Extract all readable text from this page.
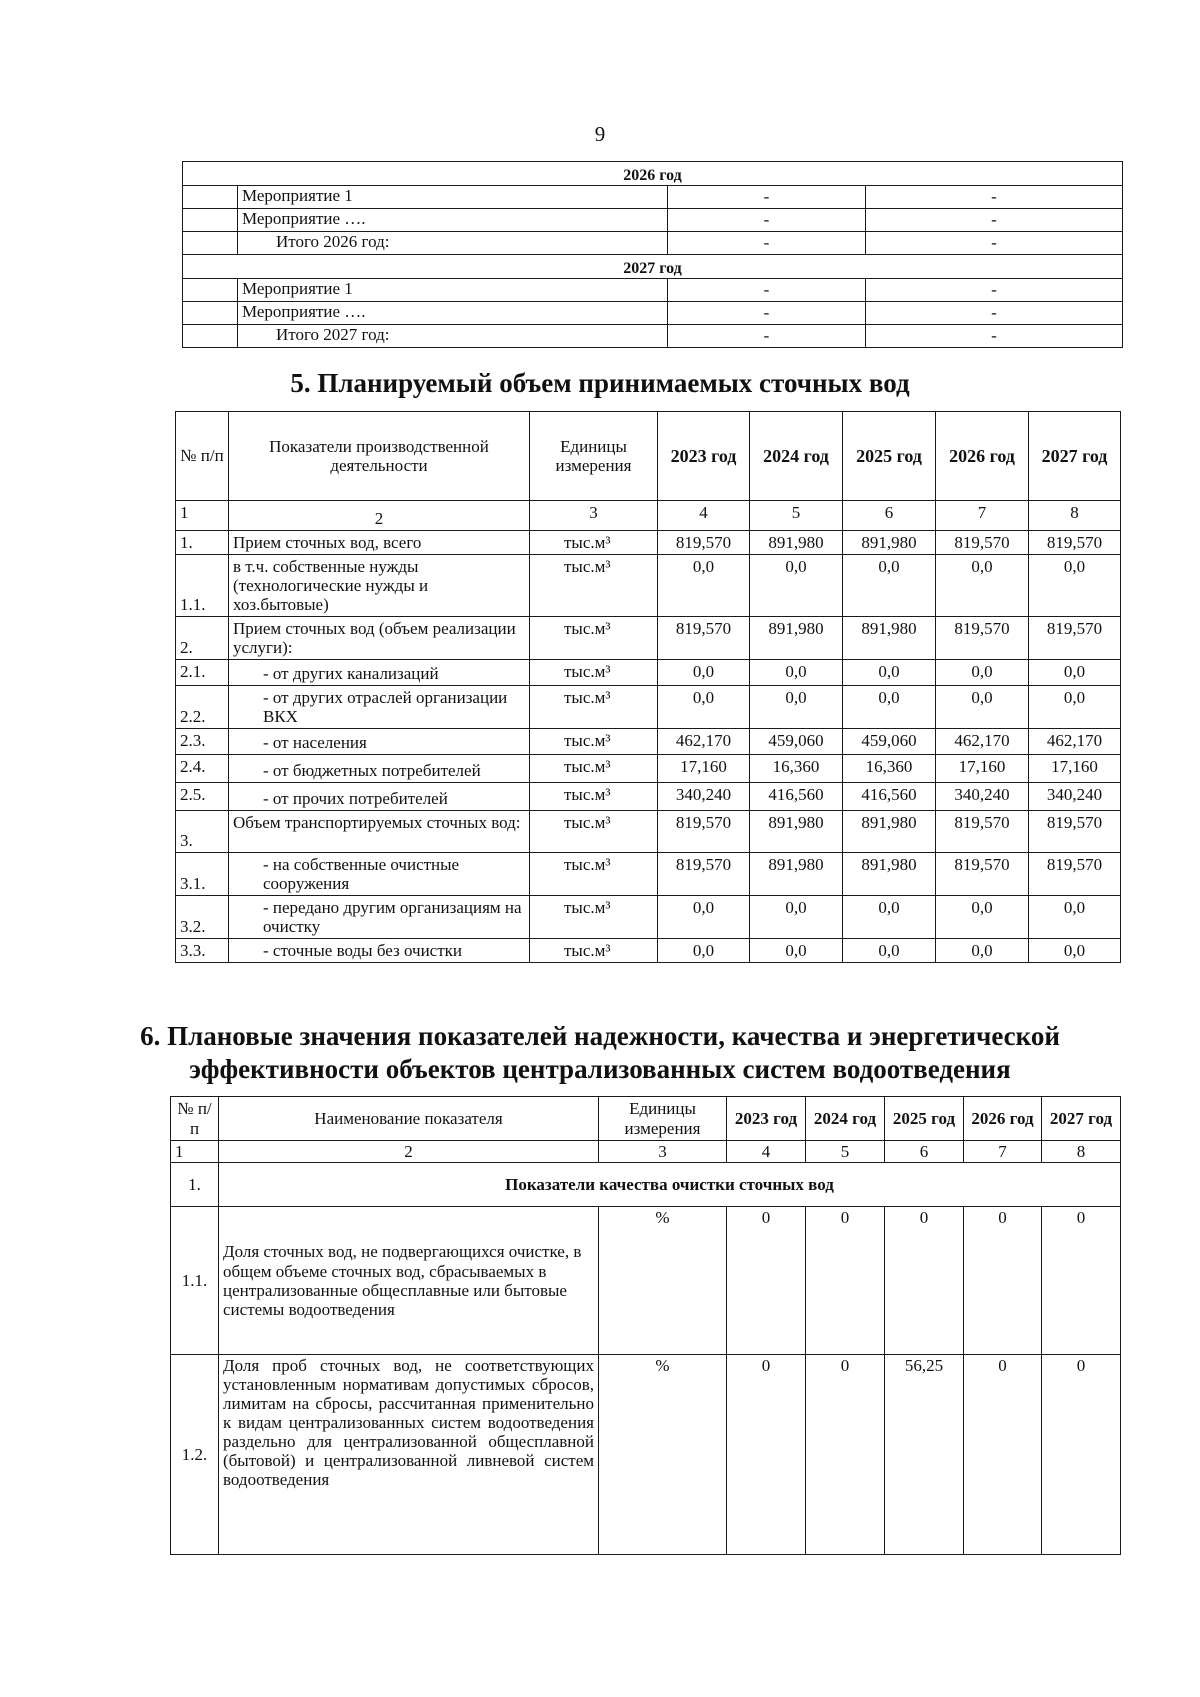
9
2026 год			
	Мероприятие 1	-	-
	Мероприятие ….	-	-
	Итого 2026 год:	-	-
2027 год			
	Мероприятие 1	-	-
	Мероприятие ….	-	-
	Итого 2027 год:	-	-
5. Планируемый объем принимаемых сточных вод
№ п/п	Показатели производственной деятельности	Единицы измерения	2023 год	2024 год	2025 год	2026 год	2027 год
1	2	3	4	5	6	7	8
1.	Прием сточных вод, всего	тыс.м³	819,570	891,980	891,980	819,570	819,570
1.1.	в т.ч. собственные нужды (технологические нужды и хоз.бытовые)	тыс.м³	0,0	0,0	0,0	0,0	0,0
2.	Прием сточных вод (объем реализации услуги):	тыс.м³	819,570	891,980	891,980	819,570	819,570
2.1.	- от других канализаций	тыс.м³	0,0	0,0	0,0	0,0	0,0
2.2.	- от других отраслей организации ВКХ	тыс.м³	0,0	0,0	0,0	0,0	0,0
2.3.	- от населения	тыс.м³	462,170	459,060	459,060	462,170	462,170
2.4.	- от бюджетных потребителей	тыс.м³	17,160	16,360	16,360	17,160	17,160
2.5.	- от прочих потребителей	тыс.м³	340,240	416,560	416,560	340,240	340,240
3.	Объем транспортируемых сточных вод:	тыс.м³	819,570	891,980	891,980	819,570	819,570
3.1.	- на собственные очистные сооружения	тыс.м³	819,570	891,980	891,980	819,570	819,570
3.2.	- передано другим организациям на очистку	тыс.м³	0,0	0,0	0,0	0,0	0,0
3.3.	- сточные воды без очистки	тыс.м³	0,0	0,0	0,0	0,0	0,0
6. Плановые значения показателей надежности, качества и энергетической
эффективности объектов централизованных систем водоотведения
№ п/п	Наименование показателя	Единицы измерения	2023 год	2024 год	2025 год	2026 год	2027 год
1	2	3	4	5	6	7	8
1.	Показатели качества очистки сточных вод						
1.1.	Доля сточных вод, не подвергающихся очистке, в общем объеме сточных вод, сбрасываемых в централизованные общесплавные или бытовые системы водоотведения	%	0	0	0	0	0
1.2.	Доля проб сточных вод, не соответствующих установленным нормативам допустимых сбросов, лимитам на сбросы, рассчитанная применительно к видам централизованных систем водоотведения раздельно для централизованной общесплавной (бытовой) и централизованной ливневой систем водоотведения	%	0	0	56,25	0	0
